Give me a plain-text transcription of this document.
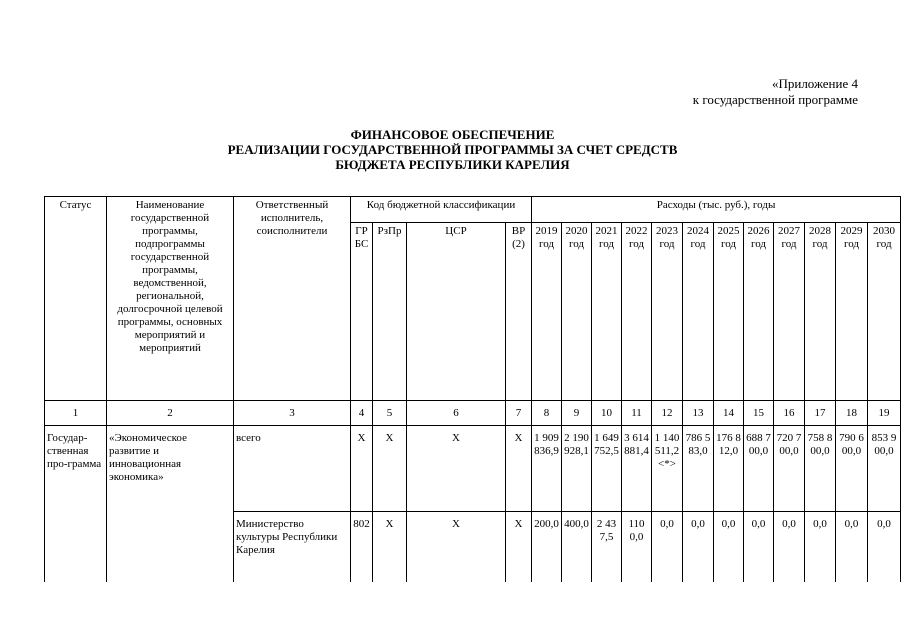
«Приложение 4
к государственной программе
ФИНАНСОВОЕ ОБЕСПЕЧЕНИЕ
РЕАЛИЗАЦИИ ГОСУДАРСТВЕННОЙ ПРОГРАММЫ ЗА СЧЕТ СРЕДСТВ
БЮДЖЕТА РЕСПУБЛИКИ КАРЕЛИЯ
Статус	Наименование государственной программы, подпрограммы государственной программы, ведомственной, региональной, долгосрочной целевой программы, основных мероприятий и мероприятий	Ответственный исполнитель, соисполнители	Код бюджетной классификации				Расходы (тыс. руб.), годы											
			ГРБС	РзПр	ЦСР	ВР (2)	2019 год	2020 год	2021 год	2022 год	2023 год	2024 год	2025 год	2026 год	2027 год	2028 год	2029 год	2030 год
1	2	3	4	5	6	7	8	9	10	11	12	13	14	15	16	17	18	19
Государ-ственная про-грамма	«Экономическое развитие и инновационная экономика»	всего	Х	Х	Х	Х	1 909 836,9	2 190 928,1	1 649 752,5	3 614 881,4	1 140 511,2 <*>	786 583,0	176 812,0	688 700,0	720 700,0	758 800,0	790 600,0	853 900,0
		Министерство культуры Республики Карелия	802	Х	Х	Х	200,0	400,0	2 437,5	110 0,0	0,0	0,0	0,0	0,0	0,0	0,0	0,0	0,0
